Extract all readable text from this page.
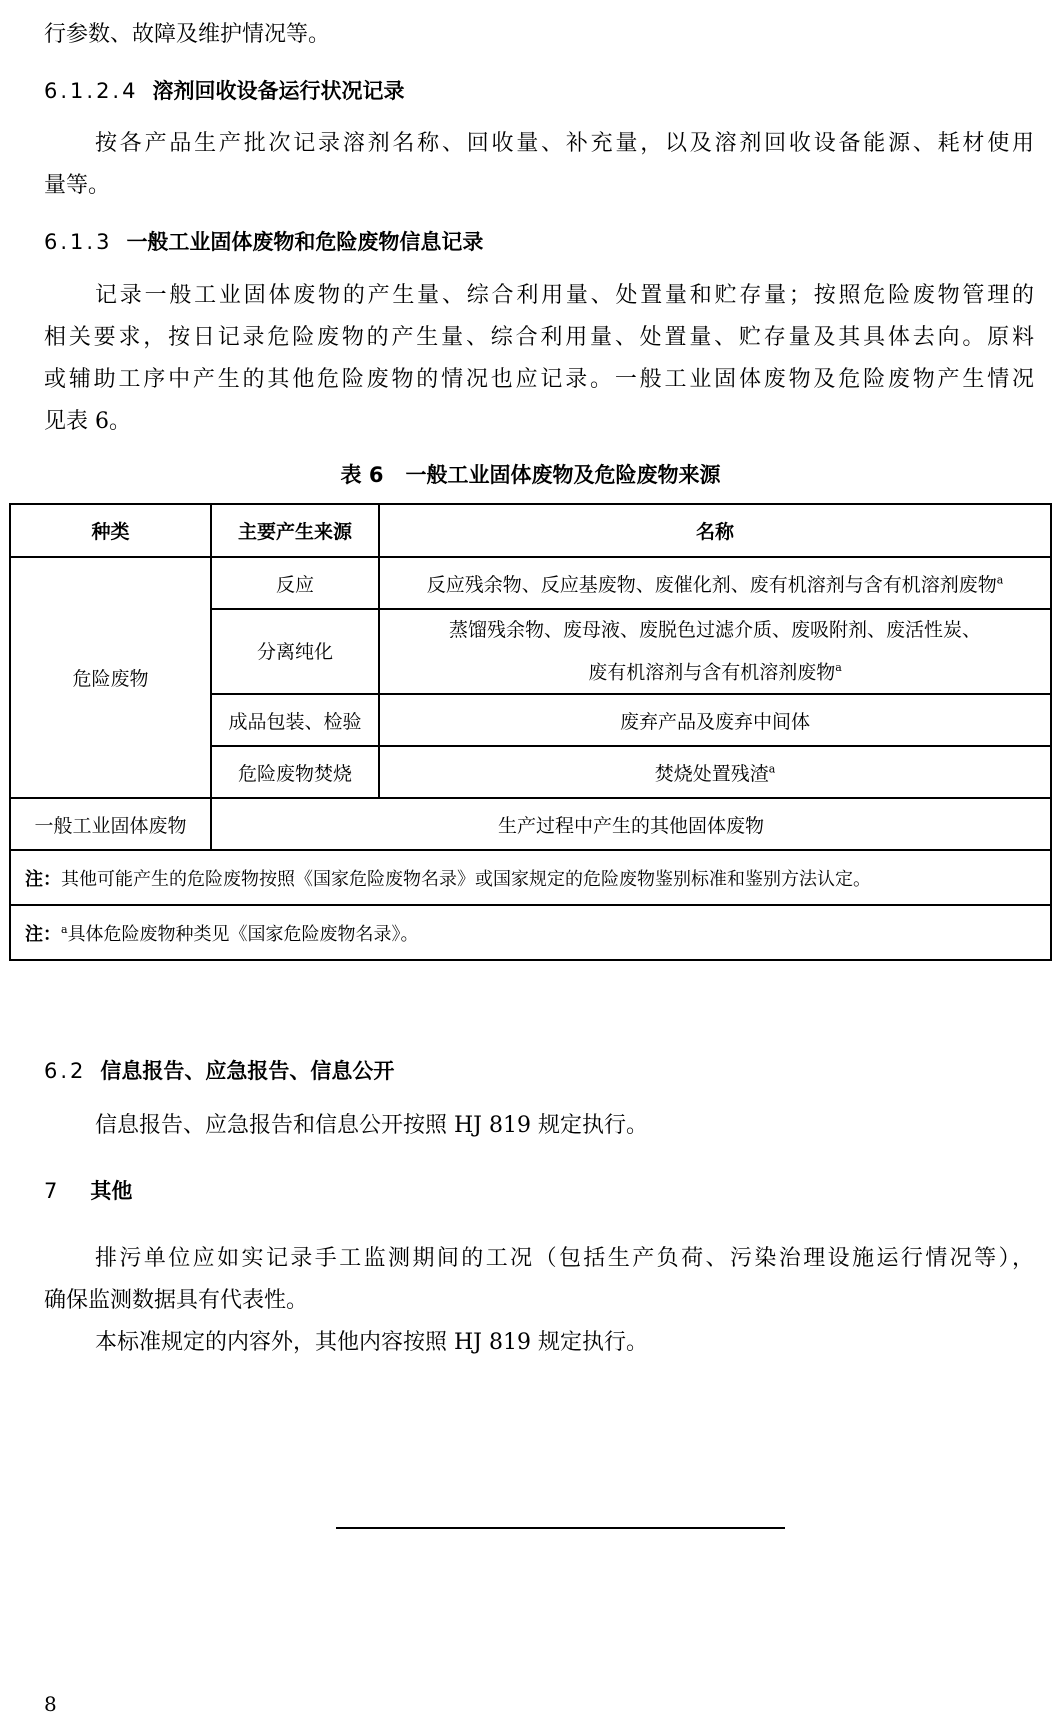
行参数、故障及维护情况等。
6.1.2.4 溶剂回收设备运行状况记录
按各产品生产批次记录溶剂名称、回收量、补充量，以及溶剂回收设备能源、耗材使用
量等。
6.1.3 一般工业固体废物和危险废物信息记录
记录一般工业固体废物的产生量、综合利用量、处置量和贮存量；按照危险废物管理的
相关要求，按日记录危险废物的产生量、综合利用量、处置量、贮存量及其具体去向。原料
或辅助工序中产生的其他危险废物的情况也应记录。一般工业固体废物及危险废物产生情况
见表 6。
表 6 一般工业固体废物及危险废物来源
种类	主要产生来源	名称
危险废物	反应	反应残余物、反应基废物、废催化剂、废有机溶剂与含有机溶剂废物$^a$
	分离纯化	蒸馏残余物、废母液、废脱色过滤介质、废吸附剂、废活性炭、
废有机溶剂与含有机溶剂废物$^a$

	成品包装、检验	废弃产品及废弃中间体
	危险废物焚烧	焚烧处置残渣$^a$
一般工业固体废物	生产过程中产生的其他固体废物	
注：其他可能产生的危险废物按照《国家危险废物名录》或国家规定的危险废物鉴别标准和鉴别方法认定。		
注：$^a$具体危险废物种类见《国家危险废物名录》。		
6.2 信息报告、应急报告、信息公开
信息报告、应急报告和信息公开按照 HJ 819 规定执行。
7 其他
排污单位应如实记录手工监测期间的工况（包括生产负荷、污染治理设施运行情况等），
确保监测数据具有代表性。
本标准规定的内容外，其他内容按照 HJ 819 规定执行。
8
